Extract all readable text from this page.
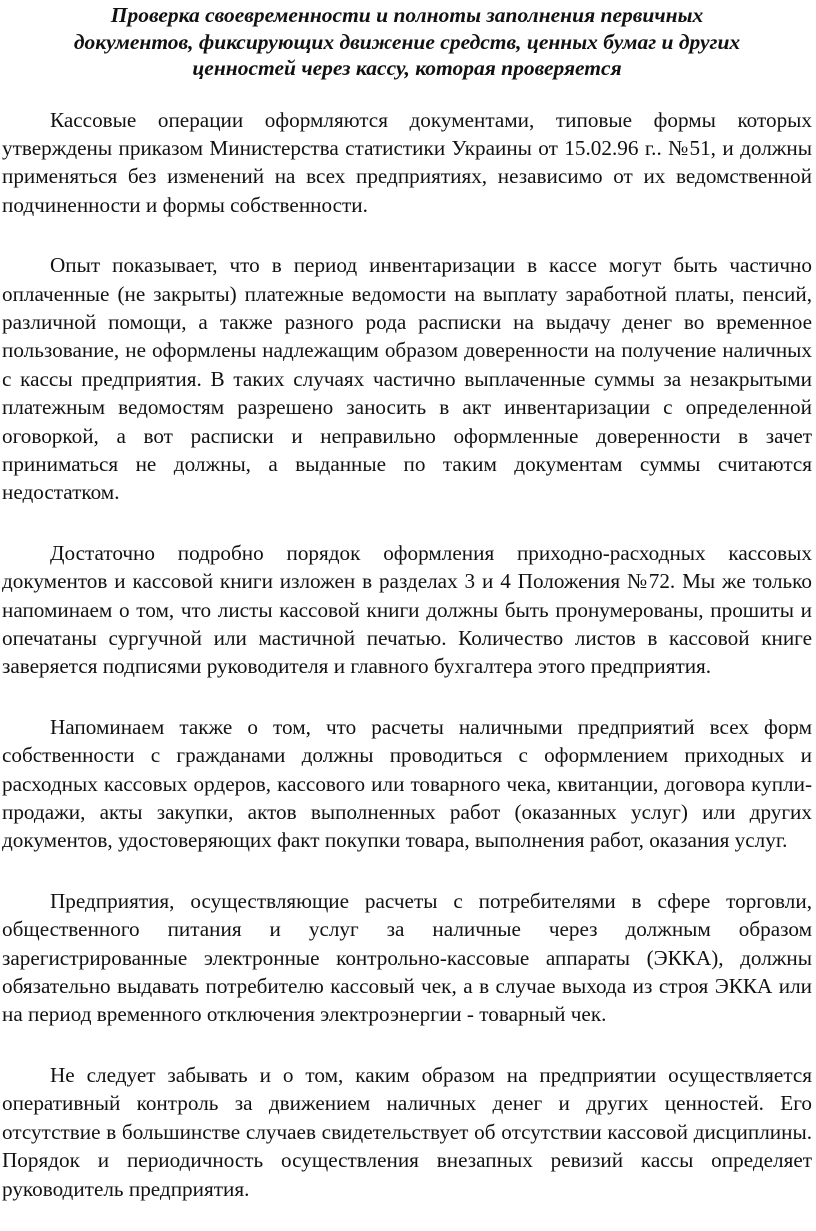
Проверка своевременности и полноты заполнения первичных
документов, фиксирующих движение средств, ценных бумаг и других
ценностей через кассу, которая проверяется

Кассовые операции оформляются документами, типовые формы которых утверждены приказом Министерства статистики Украины от 15.02.96 г.. №51, и должны применяться без изменений на всех предприятиях, независимо от их ведомственной подчиненности и формы собственности.

Опыт показывает, что в период инвентаризации в кассе могут быть частично оплаченные (не закрыты) платежные ведомости на выплату заработной платы, пенсий, различной помощи, а также разного рода расписки на выдачу денег во временное пользование, не оформлены надлежащим образом доверенности на получение наличных с кассы предприятия. В таких случаях частично выплаченные суммы за незакрытыми платежным ведомостям разрешено заносить в акт инвентаризации с определенной оговоркой, а вот расписки и неправильно оформленные доверенности в зачет приниматься не должны, а выданные по таким документам суммы считаются недостатком.

Достаточно подробно порядок оформления приходно-расходных кассовых документов и кассовой книги изложен в разделах 3 и 4 Положения №72. Мы же только напоминаем о том, что листы кассовой книги должны быть пронумерованы, прошиты и опечатаны сургучной или мастичной печатью. Количество листов в кассовой книге заверяется подписями руководителя и главного бухгалтера этого предприятия.

Напоминаем также о том, что расчеты наличными предприятий всех форм собственности с гражданами должны проводиться с оформлением приходных и расходных кассовых ордеров, кассового или товарного чека, квитанции, договора купли-продажи, акты закупки, актов выполненных работ (оказанных услуг) или других документов, удостоверяющих факт покупки товара, выполнения работ, оказания услуг.

Предприятия, осуществляющие расчеты с потребителями в сфере торговли, общественного питания и услуг за наличные через должным образом зарегистрированные электронные контрольно-кассовые аппараты (ЭККА), должны обязательно выдавать потребителю кассовый чек, а в случае выхода из строя ЭККА или на период временного отключения электроэнергии - товарный чек.

Не следует забывать и о том, каким образом на предприятии осуществляется оперативный контроль за движением наличных денег и других ценностей. Его отсутствие в большинстве случаев свидетельствует об отсутствии кассовой дисциплины. Порядок и периодичность осуществления внезапных ревизий кассы определяет руководитель предприятия.
